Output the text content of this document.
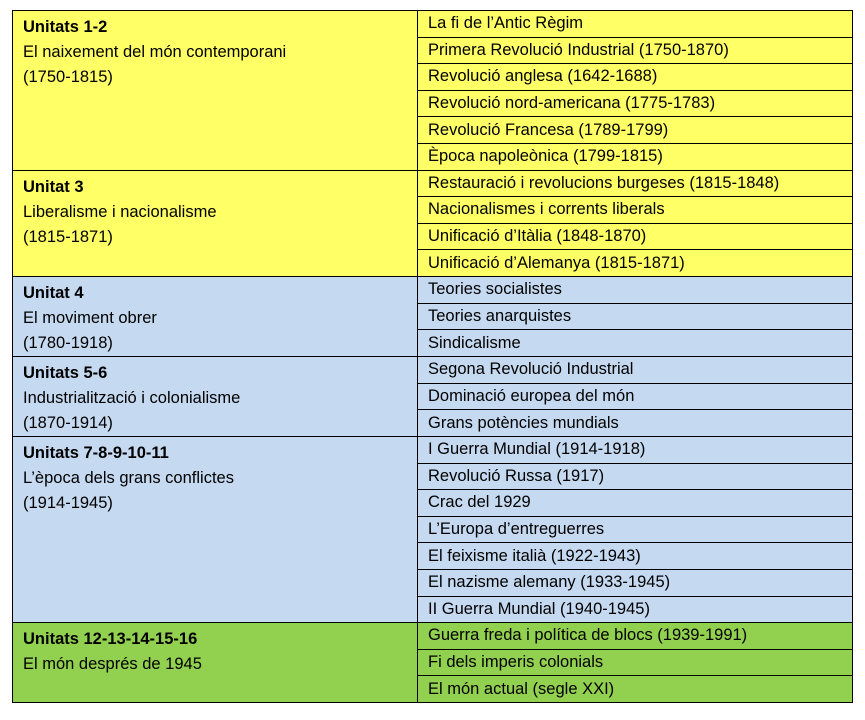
Unitats 1-2
El naixement del món contemporani
(1750-1815)	La fi de l’Antic Règim
	Primera Revolució Industrial (1750-1870)
	Revolució anglesa (1642-1688)
	Revolució nord-americana (1775-1783)
	Revolució Francesa (1789-1799)
	Època napoleònica (1799-1815)

Unitat 3
Liberalisme i nacionalisme
(1815-1871)	Restauració i revolucions burgeses (1815-1848)
	Nacionalismes i corrents liberals
	Unificació d’Itàlia (1848-1870)
	Unificació d’Alemanya (1815-1871)

Unitat 4
El moviment obrer
(1780-1918)	Teories socialistes
	Teories anarquistes
	Sindicalisme

Unitats 5-6
Industrialització i colonialisme
(1870-1914)	Segona Revolució Industrial
	Dominació europea del món
	Grans potències mundials

Unitats 7-8-9-10-11
L’època dels grans conflictes
(1914-1945)	I Guerra Mundial (1914-1918)
	Revolució Russa (1917)
	Crac del 1929
	L’Europa d’entreguerres
	El feixisme italià (1922-1943)
	El nazisme alemany (1933-1945)
	II Guerra Mundial (1940-1945)

Unitats 12-13-14-15-16
El món després de 1945	Guerra freda i política de blocs (1939-1991)
	Fi dels imperis colonials
	El món actual (segle XXI)
